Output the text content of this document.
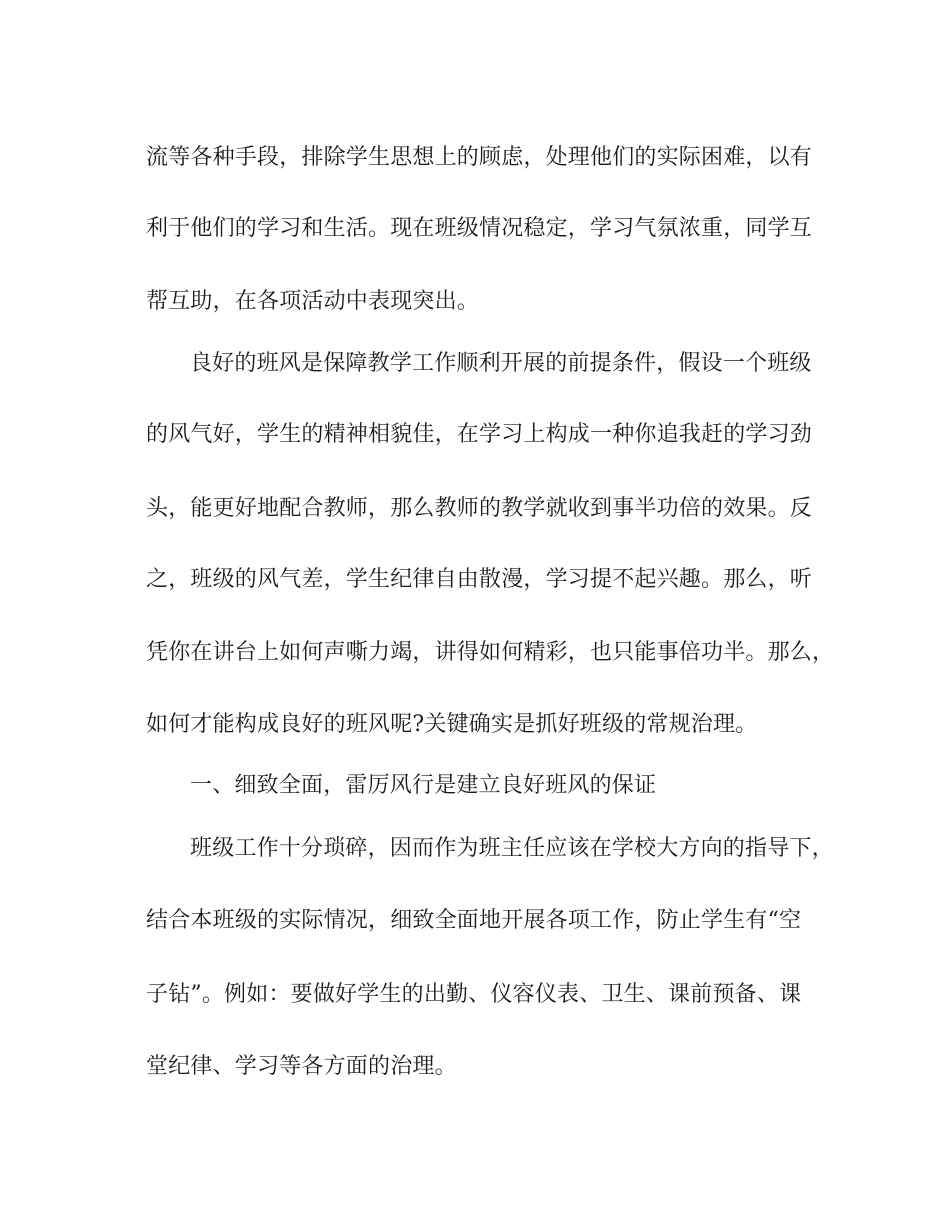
流等各种手段，排除学生思想上的顾虑，处理他们的实际困难，以有
利于他们的学习和生活。现在班级情况稳定，学习气氛浓重，同学互
帮互助，在各项活动中表现突出。
良好的班风是保障教学工作顺利开展的前提条件，假设一个班级
的风气好，学生的精神相貌佳，在学习上构成一种你追我赶的学习劲
头，能更好地配合教师，那么教师的教学就收到事半功倍的效果。反
之，班级的风气差，学生纪律自由散漫，学习提不起兴趣。那么，听
凭你在讲台上如何声嘶力竭，讲得如何精彩，也只能事倍功半。那么，
如何才能构成良好的班风呢?关键确实是抓好班级的常规治理。
一、细致全面，雷厉风行是建立良好班风的保证
班级工作十分琐碎，因而作为班主任应该在学校大方向的指导下，
结合本班级的实际情况，细致全面地开展各项工作，防止学生有“空
子钻”。例如：要做好学生的出勤、仪容仪表、卫生、课前预备、课
堂纪律、学习等各方面的治理。
